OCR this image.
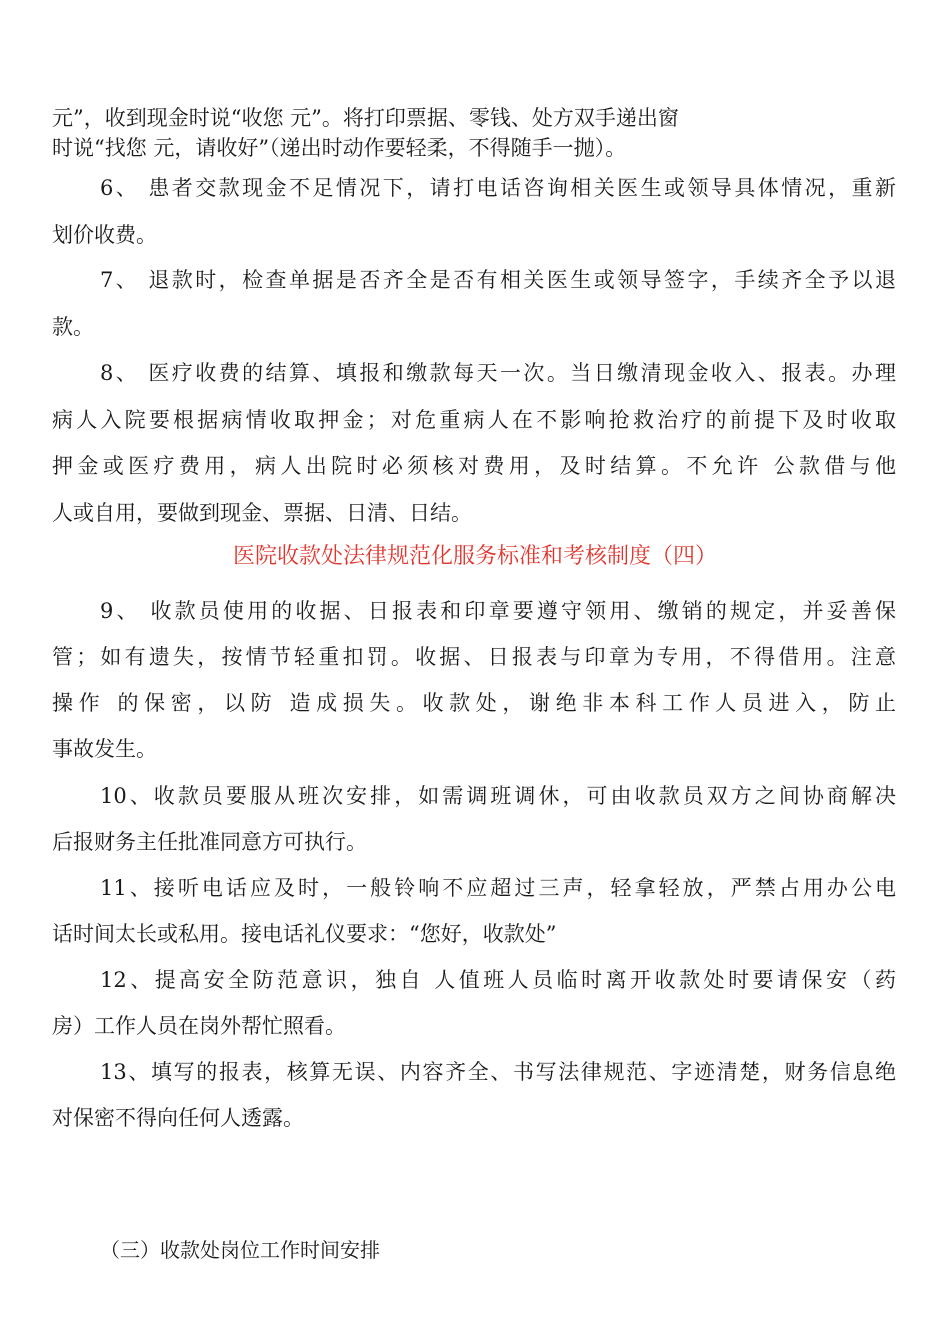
元”，收到现金时说“收您 元”。将打印票据、零钱、处方双手递出窗
时说“找您 元，请收好”（递出时动作要轻柔，不得随手一抛）。
6、 患者交款现金不足情况下，请打电话咨询相关医生或领导具体情况，重新
划价收费。
7、 退款时，检查单据是否齐全是否有相关医生或领导签字，手续齐全予以退
款。
8、 医疗收费的结算、填报和缴款每天一次。当日缴清现金收入、报表。办理
病人入院要根据病情收取押金；对危重病人在不影响抢救治疗的前提下及时收取
押金或医疗费用，病人出院时必须核对费用，及时结算。不允许 公款借与他
人或自用，要做到现金、票据、日清、日结。
医院收款处法律规范化服务标准和考核制度（四）
9、 收款员使用的收据、日报表和印章要遵守领用、缴销的规定，并妥善保
管；如有遗失，按情节轻重扣罚。收据、日报表与印章为专用，不得借用。注意
操作 的保密，以防 造成损失。收款处，谢绝非本科工作人员进入，防止
事故发生。
10、收款员要服从班次安排，如需调班调休，可由收款员双方之间协商解决
后报财务主任批准同意方可执行。
11、接听电话应及时，一般铃响不应超过三声，轻拿轻放，严禁占用办公电
话时间太长或私用。接电话礼仪要求：“您好，收款处”
12、提高安全防范意识，独自 人值班人员临时离开收款处时要请保安（药
房）工作人员在岗外帮忙照看。
13、填写的报表，核算无误、内容齐全、书写法律规范、字迹清楚，财务信息绝
对保密不得向任何人透露。
（三）收款处岗位工作时间安排
